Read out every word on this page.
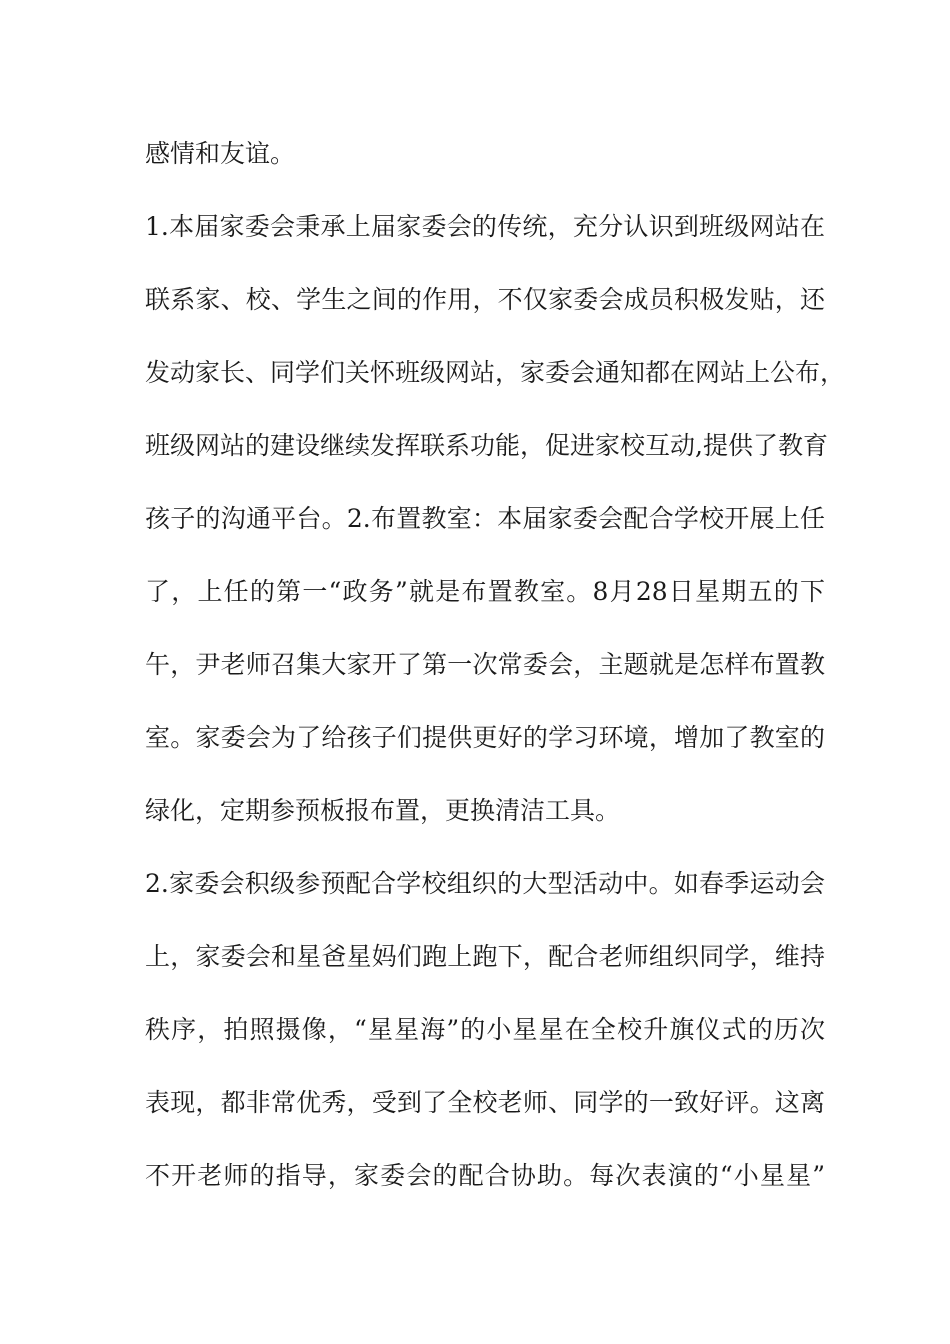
感情和友谊。
1.本届家委会秉承上届家委会的传统，充分认识到班级网站在
联系家、校、学生之间的作用，不仅家委会成员积极发贴，还
发动家长、同学们关怀班级网站，家委会通知都在网站上公布，
班级网站的建设继续发挥联系功能，促进家校互动,提供了教育
孩子的沟通平台。2.布置教室：本届家委会配合学校开展上任
了，上任的第一“政务”就是布置教室。8月28日星期五的下
午，尹老师召集大家开了第一次常委会，主题就是怎样布置教
室。家委会为了给孩子们提供更好的学习环境，增加了教室的
绿化，定期参预板报布置，更换清洁工具。
2.家委会积级参预配合学校组织的大型活动中。如春季运动会
上，家委会和星爸星妈们跑上跑下，配合老师组织同学，维持
秩序，拍照摄像，“星星海”的小星星在全校升旗仪式的历次
表现，都非常优秀，受到了全校老师、同学的一致好评。这离
不开老师的指导，家委会的配合协助。每次表演的“小星星”
